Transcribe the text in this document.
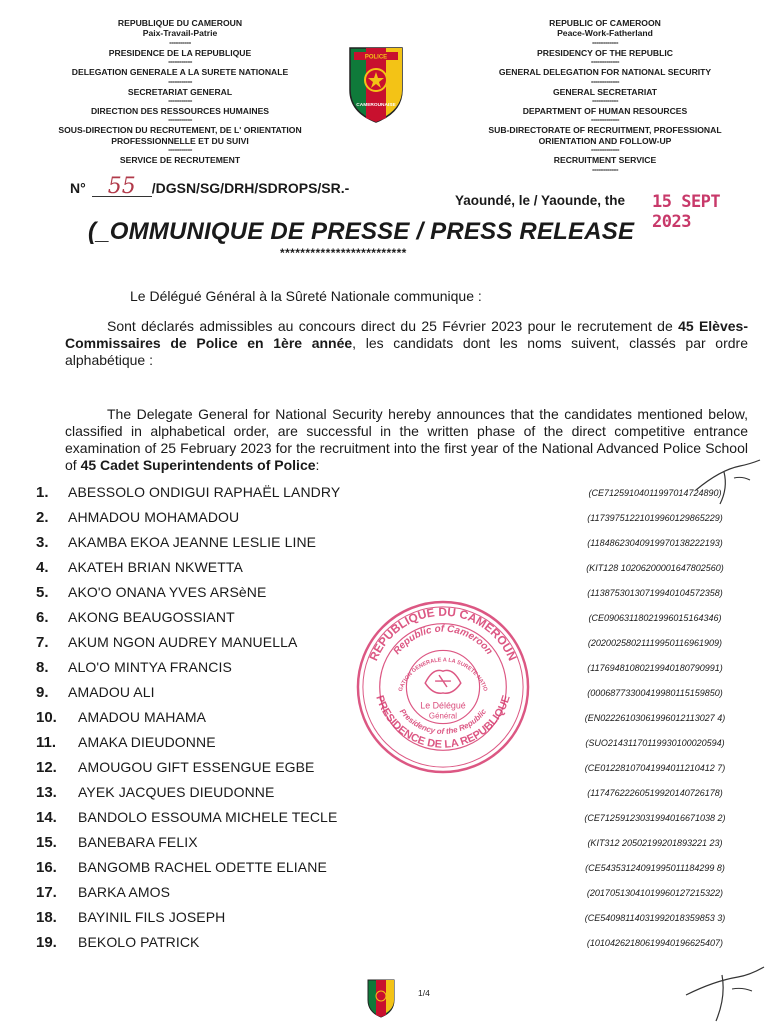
REPUBLIQUE DU CAMEROUN
Paix-Travail-Patrie
----------
PRESIDENCE DE LA REPUBLIQUE
-----------
DELEGATION GENERALE A LA SURETE NATIONALE
-----------
SECRETARIAT GENERAL
-----------
DIRECTION DES RESSOURCES HUMAINES
-----------
SOUS-DIRECTION DU RECRUTEMENT, DE L' ORIENTATION
PROFESSIONNELLE ET DU SUIVI
-----------
SERVICE DE RECRUTEMENT
REPUBLIC OF CAMEROON
Peace-Work-Fatherland
------------
PRESIDENCY OF THE REPUBLIC
-------------
GENERAL DELEGATION FOR NATIONAL SECURITY
-------------
GENERAL SECRETARIAT
------------
DEPARTMENT OF HUMAN RESOURCES
-------------
SUB-DIRECTORATE OF RECRUITMENT, PROFESSIONAL
ORIENTATION AND FOLLOW-UP
-------------
RECRUITMENT SERVICE
------------
POLICE
CAMEROUNAISE
N° 55 /DGSN/SG/DRH/SDROPS/SR.-
Yaoundé, le / Yaounde, the 15 SEPT 2023
(_OMMUNIQUE DE PRESSE / PRESS RELEASE
*************************
Le Délégué Général à la Sûreté Nationale communique :
Sont déclarés admissibles au concours direct du 25 Février 2023 pour le recrutement de 45 Elèves-Commissaires de Police en 1ère année, les candidats dont les noms suivent, classés par ordre alphabétique :
The Delegate General for National Security hereby announces that the candidates mentioned below, classified in alphabetical order, are successful in the written phase of the direct competitive entrance examination of 25 February 2023 for the recruitment into the first year of the National Advanced Police School of 45 Cadet Superintendents of Police:
1. ABESSOLO ONDIGUI RAPHAËL LANDRY	(CE71259104011997014724890)
2. AHMADOU MOHAMADOU	(11739751221019960129865229)
3. AKAMBA EKOA JEANNE LESLIE LINE	(11848623040919970138222193)
4. AKATEH BRIAN NKWETTA	(KIT128 10206200001647802560)
5. AKO'O ONANA YVES ARSèNE	(11387530130719940104572358)
6. AKONG BEAUGOSSIANT	(CE09063118021996015164346)
7. AKUM NGON AUDREY MANUELLA	(20200258021119950116961909)
8. ALO'O MINTYA FRANCIS	(11769481080219940180790991)
9. AMADOU ALI	(00068773300419980115159850)
10. AMADOU MAHAMA	(EN02226103061996012113027 4)
11. AMAKA DIEUDONNE	(SUO21431170119930100020594)
12. AMOUGOU GIFT ESSENGUE EGBE	(CE01228107041994011210412 7)
13. AYEK JACQUES DIEUDONNE	(11747622260519920140726178)
14. BANDOLO ESSOUMA MICHELE TECLE	(CE71259123031994016671038 2)
15. BANEBARA FELIX	(KIT312 20502199201893221 23)
16. BANGOMB RACHEL ODETTE ELIANE	(CE54353124091995011184299 8)
17. BARKA AMOS	(20170513041019960127215322)
18. BAYINIL FILS JOSEPH	(CE54098114031992018359853 3)
19. BEKOLO PATRICK	(10104262180619940196625407)
REPUBLIQUE DU CAMEROUN
PRESIDENCE DE LA REPUBLIQUE
Republic of Cameroon
Presidency of the Republic
GATION GENERALE A LA SURETE NATIO
Le Délégué
Général
1/4
